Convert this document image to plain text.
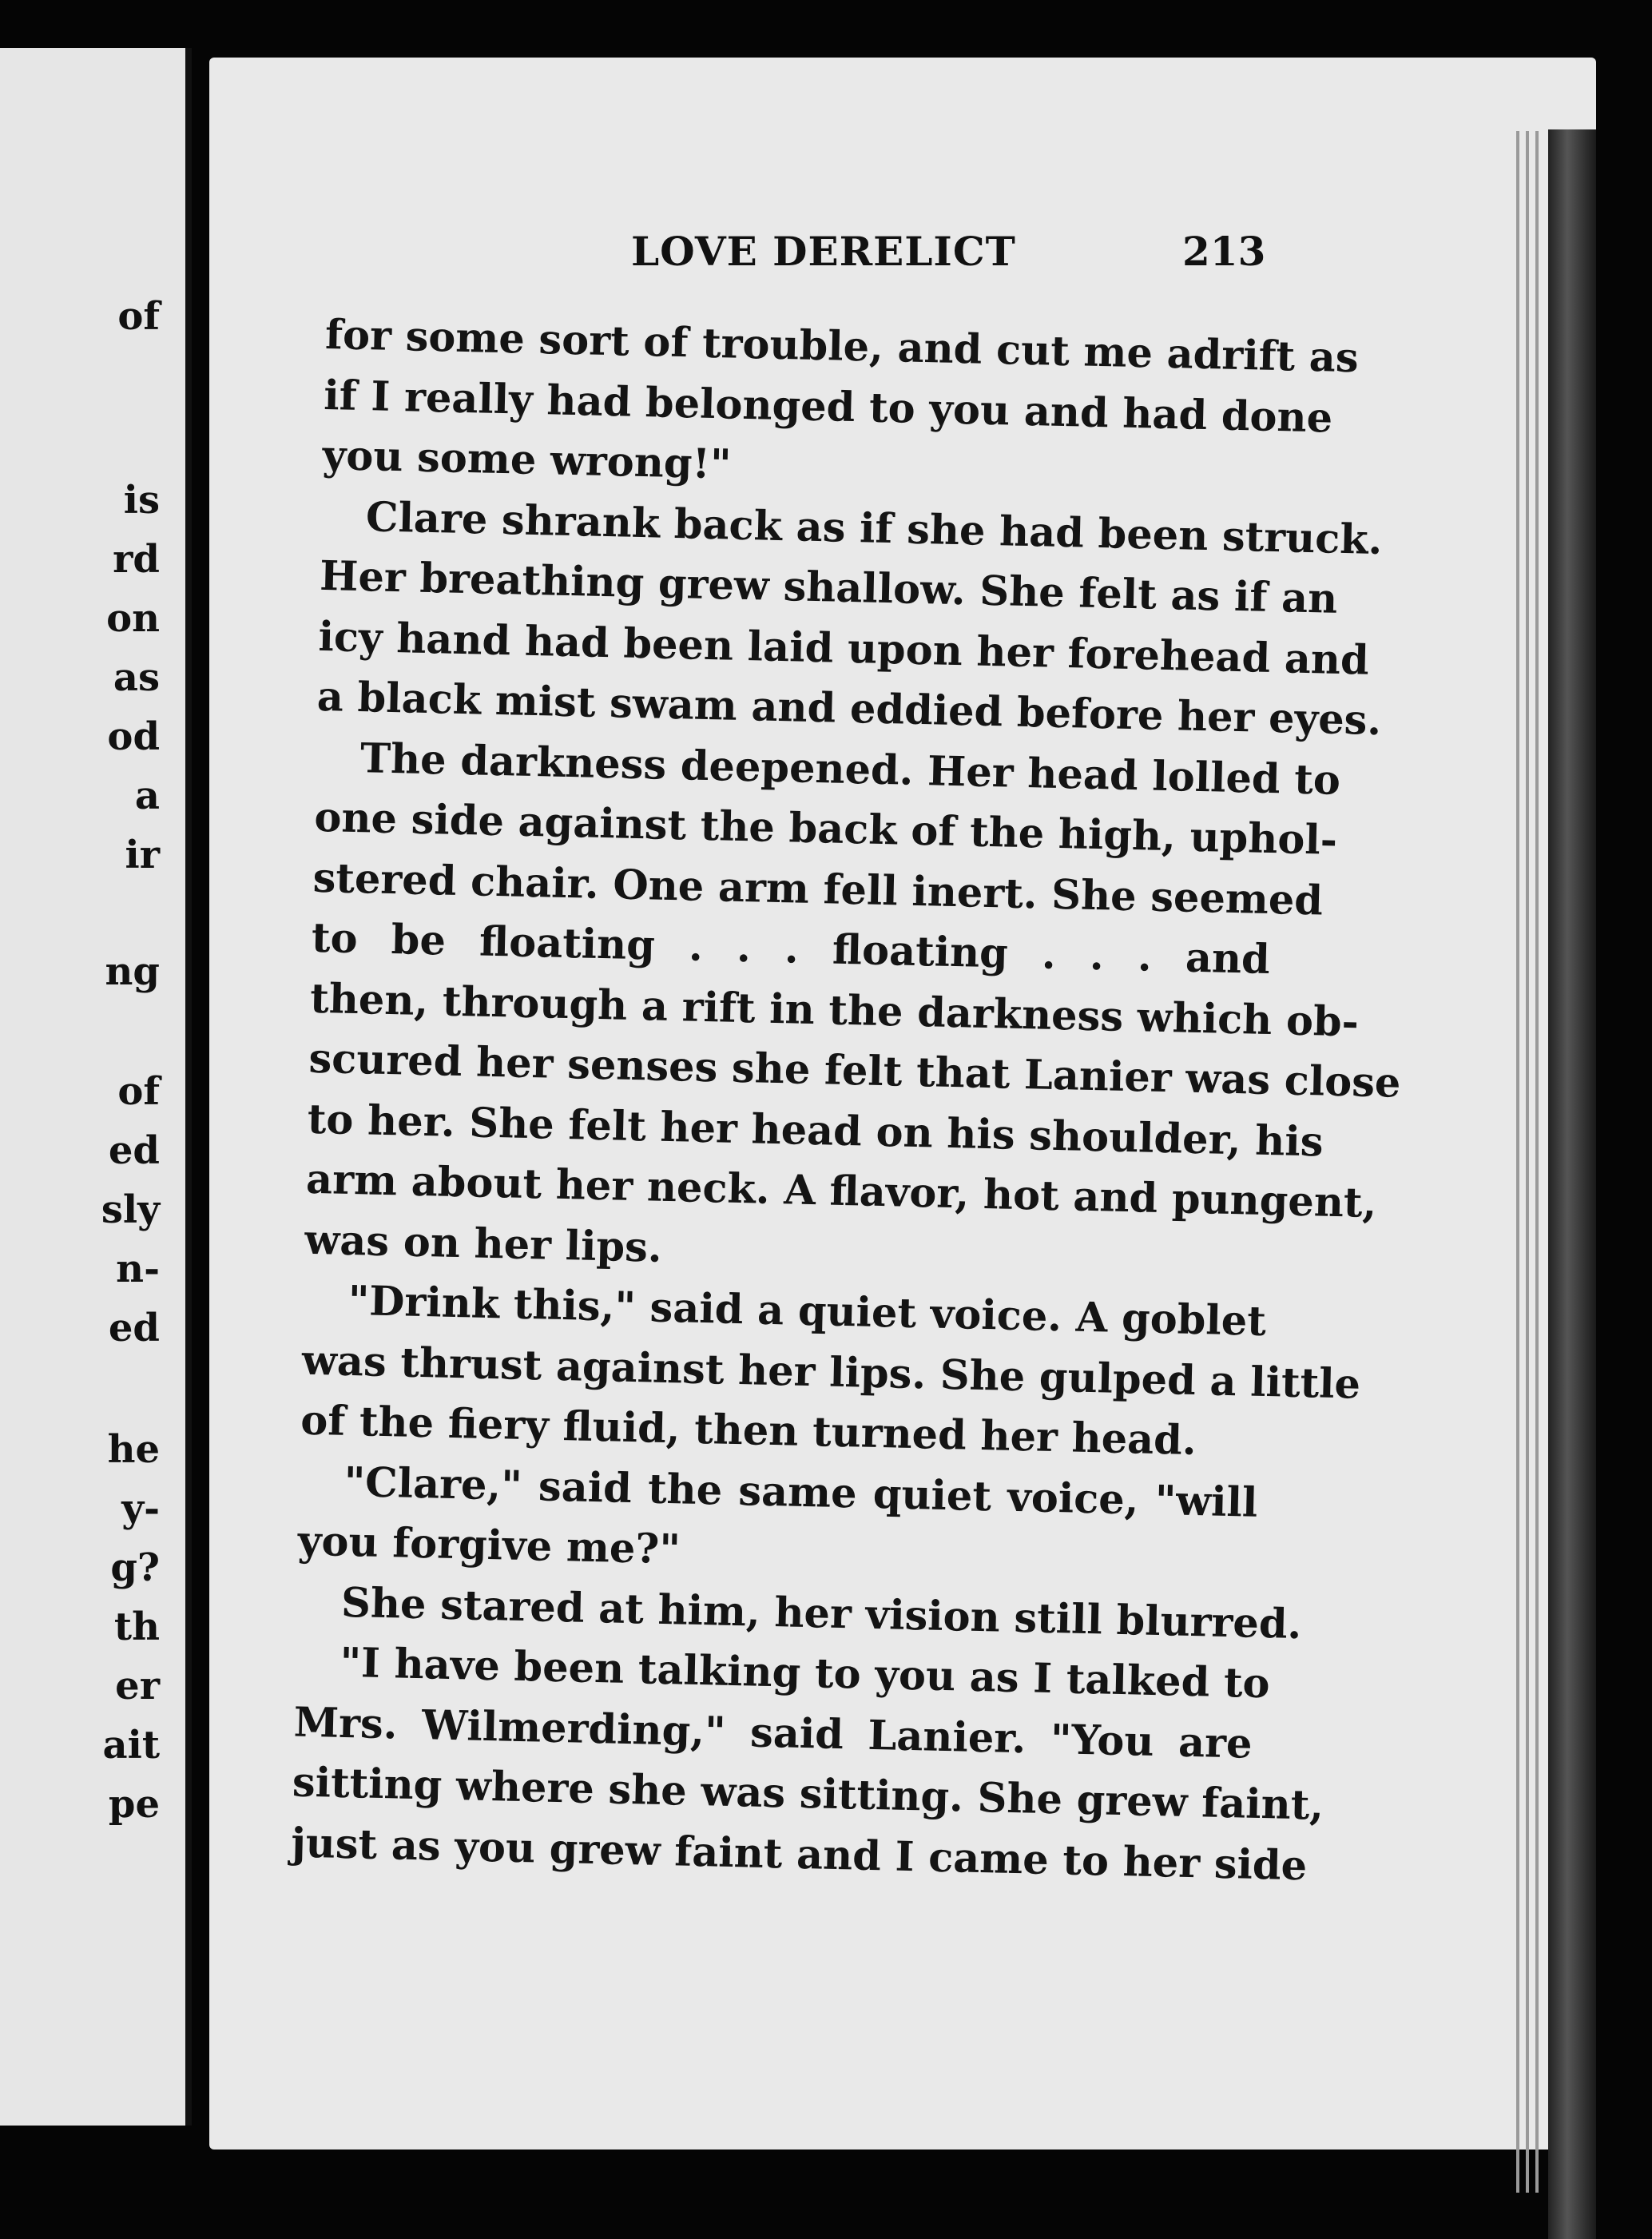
of
is
rd
on
as
od
a
ir
ng
of
ed
sly
n-
ed
he
y-
g?
th
er
ait
pe
LOVE DERELICT	213
for some sort of trouble, and cut me adrift as
if I really had belonged to you and had done
you some wrong!"
Clare shrank back as if she had been struck.
Her breathing grew shallow. She felt as if an
icy hand had been laid upon her forehead and
a black mist swam and eddied before her eyes.
The darkness deepened. Her head lolled to
one side against the back of the high, uphol-
stered chair. One arm fell inert. She seemed
to be floating . . . floating . . . and
then, through a rift in the darkness which ob-
scured her senses she felt that Lanier was close
to her. She felt her head on his shoulder, his
arm about her neck. A flavor, hot and pungent,
was on her lips.
"Drink this," said a quiet voice. A goblet
was thrust against her lips. She gulped a little
of the fiery fluid, then turned her head.
"Clare," said the same quiet voice, "will
you forgive me?"
She stared at him, her vision still blurred.
"I have been talking to you as I talked to
Mrs. Wilmerding," said Lanier. "You are
sitting where she was sitting. She grew faint,
just as you grew faint and I came to her side
